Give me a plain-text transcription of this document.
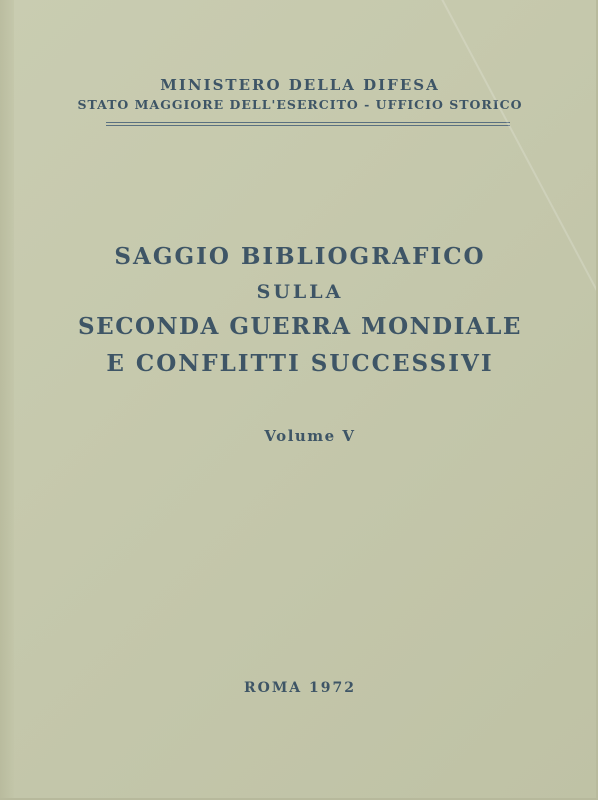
MINISTERO DELLA DIFESA
STATO MAGGIORE DELL'ESERCITO - UFFICIO STORICO
SAGGIO BIBLIOGRAFICO
SULLA
SECONDA GUERRA MONDIALE
E CONFLITTI SUCCESSIVI
Volume V
ROMA 1972
